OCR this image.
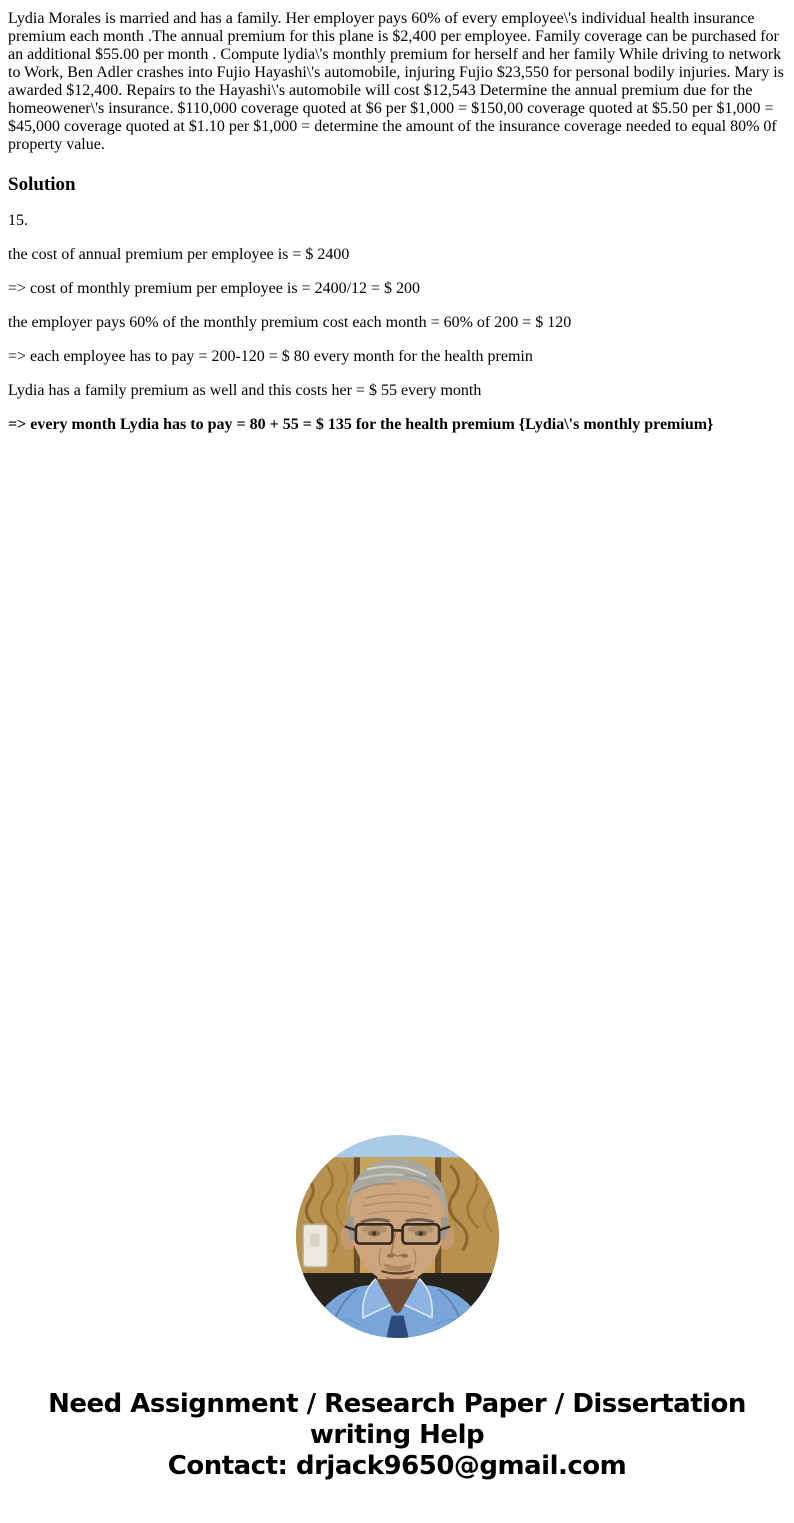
Lydia Morales is married and has a family. Her employer pays 60% of every employee\'s individual health insurance premium each month .The annual premium for this plane is $2,400 per employee. Family coverage can be purchased for an additional $55.00 per month . Compute lydia\'s monthly premium for herself and her family While driving to network to Work, Ben Adler crashes into Fujio Hayashi\'s automobile, injuring Fujio $23,550 for personal bodily injuries. Mary is awarded $12,400. Repairs to the Hayashi\'s automobile will cost $12,543 Determine the annual premium due for the homeowener\'s insurance. $110,000 coverage quoted at $6 per $1,000 = $150,00 coverage quoted at $5.50 per $1,000 = $45,000 coverage quoted at $1.10 per $1,000 = determine the amount of the insurance coverage needed to equal 80% 0f property value.

Solution

15.

the cost of annual premium per employee is = $ 2400

=> cost of monthly premium per employee is = 2400/12 = $ 200

the employer pays 60% of the monthly premium cost each month = 60% of 200 = $ 120

=> each employee has to pay = 200-120 = $ 80 every month for the health premin

Lydia has a family premium as well and this costs her = $ 55 every month

=> every month Lydia has to pay = 80 + 55 = $ 135 for the health premium {Lydia\'s monthly premium}

Need Assignment / Research Paper / Dissertation
writing Help
Contact: drjack9650@gmail.com
